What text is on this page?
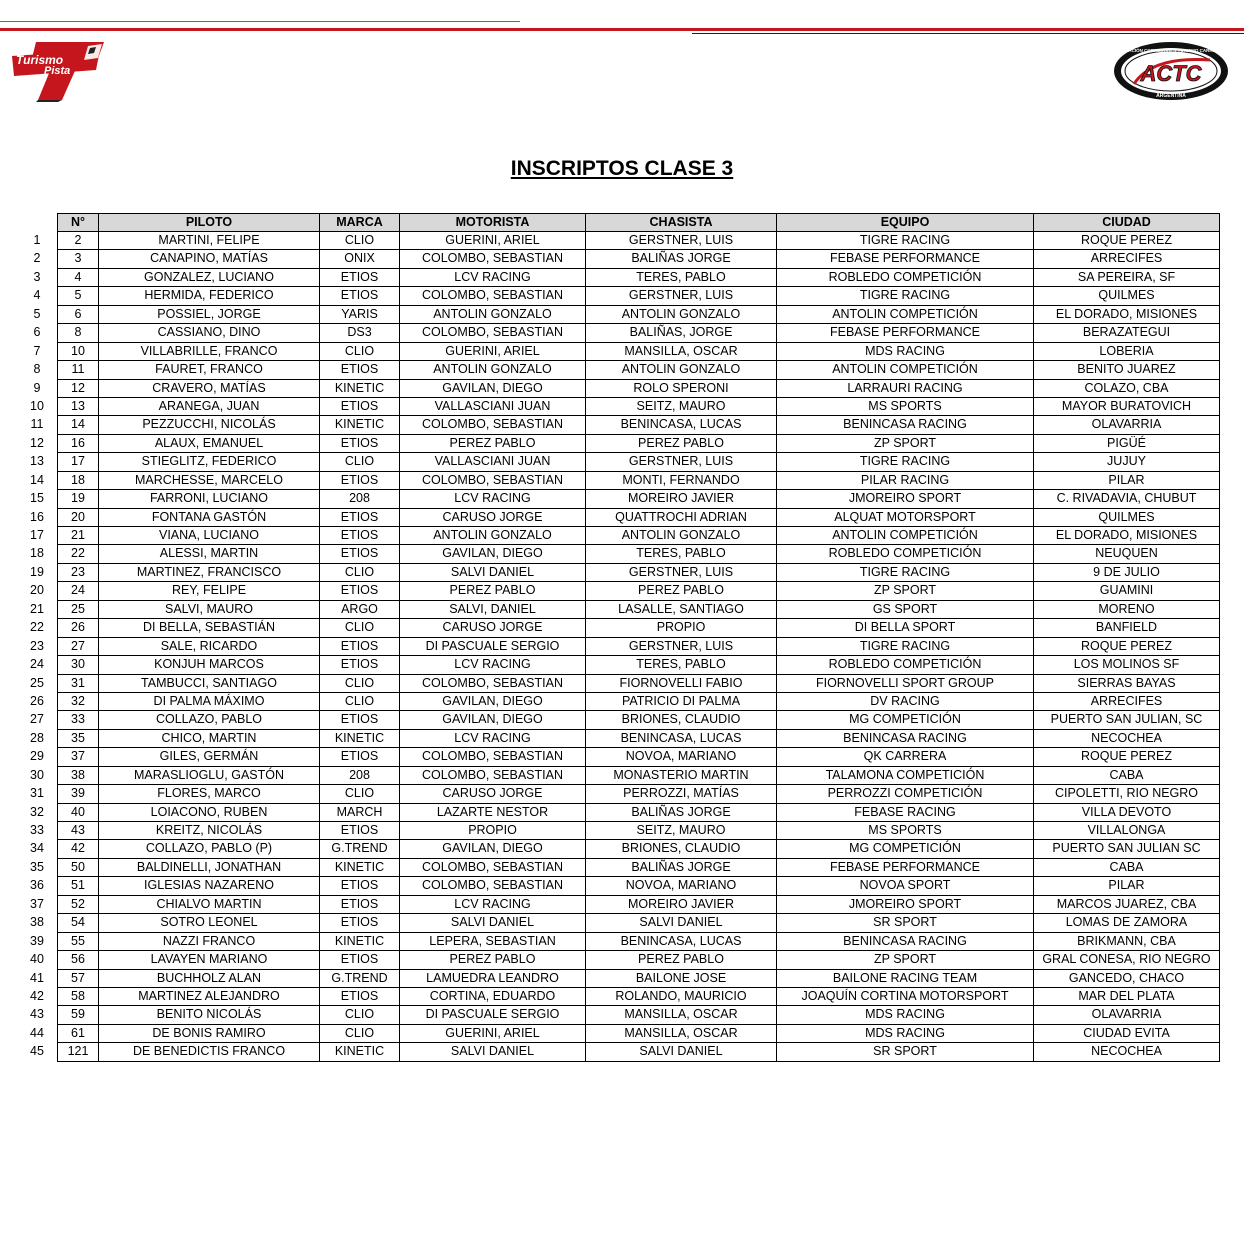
Turismo
Pista
ASOCIACIÓN CORREDORES TURISMO CARRETERA
ACTC
ARGENTINA
INSCRIPTOS CLASE 3
1
2
3
4
5
6
7
8
9
10
11
12
13
14
15
16
17
18
19
20
21
22
23
24
25
26
27
28
29
30
31
32
33
34
35
36
37
38
39
40
41
42
43
44
45
N°	PILOTO	MARCA	MOTORISTA	CHASISTA	EQUIPO	CIUDAD
2	MARTINI, FELIPE	CLIO	GUERINI, ARIEL	GERSTNER, LUIS	TIGRE RACING	ROQUE PEREZ
3	CANAPINO, MATÍAS	ONIX	COLOMBO, SEBASTIAN	BALIÑAS JORGE	FEBASE PERFORMANCE	ARRECIFES
4	GONZALEZ, LUCIANO	ETIOS	LCV RACING	TERES, PABLO	ROBLEDO COMPETICIÓN	SA PEREIRA, SF
5	HERMIDA, FEDERICO	ETIOS	COLOMBO, SEBASTIAN	GERSTNER, LUIS	TIGRE RACING	QUILMES
6	POSSIEL, JORGE	YARIS	ANTOLIN GONZALO	ANTOLIN GONZALO	ANTOLIN COMPETICIÓN	EL DORADO, MISIONES
8	CASSIANO, DINO	DS3	COLOMBO, SEBASTIAN	BALIÑAS, JORGE	FEBASE PERFORMANCE	BERAZATEGUI
10	VILLABRILLE, FRANCO	CLIO	GUERINI, ARIEL	MANSILLA, OSCAR	MDS RACING	LOBERIA
11	FAURET, FRANCO	ETIOS	ANTOLIN GONZALO	ANTOLIN GONZALO	ANTOLIN COMPETICIÓN	BENITO JUAREZ
12	CRAVERO, MATÍAS	KINETIC	GAVILAN, DIEGO	ROLO SPERONI	LARRAURI RACING	COLAZO, CBA
13	ARANEGA, JUAN	ETIOS	VALLASCIANI JUAN	SEITZ, MAURO	MS SPORTS	MAYOR BURATOVICH
14	PEZZUCCHI, NICOLÁS	KINETIC	COLOMBO, SEBASTIAN	BENINCASA, LUCAS	BENINCASA RACING	OLAVARRIA
16	ALAUX, EMANUEL	ETIOS	PEREZ PABLO	PEREZ PABLO	ZP SPORT	PIGÜÉ
17	STIEGLITZ, FEDERICO	CLIO	VALLASCIANI JUAN	GERSTNER, LUIS	TIGRE RACING	JUJUY
18	MARCHESSE, MARCELO	ETIOS	COLOMBO, SEBASTIAN	MONTI, FERNANDO	PILAR RACING	PILAR
19	FARRONI, LUCIANO	208	LCV RACING	MOREIRO JAVIER	JMOREIRO SPORT	C. RIVADAVIA, CHUBUT
20	FONTANA GASTÓN	ETIOS	CARUSO JORGE	QUATTROCHI ADRIAN	ALQUAT MOTORSPORT	QUILMES
21	VIANA, LUCIANO	ETIOS	ANTOLIN GONZALO	ANTOLIN GONZALO	ANTOLIN COMPETICIÓN	EL DORADO, MISIONES
22	ALESSI, MARTIN	ETIOS	GAVILAN, DIEGO	TERES, PABLO	ROBLEDO COMPETICIÓN	NEUQUEN
23	MARTINEZ, FRANCISCO	CLIO	SALVI DANIEL	GERSTNER, LUIS	TIGRE RACING	9 DE JULIO
24	REY, FELIPE	ETIOS	PEREZ PABLO	PEREZ PABLO	ZP SPORT	GUAMINI
25	SALVI, MAURO	ARGO	SALVI, DANIEL	LASALLE, SANTIAGO	GS SPORT	MORENO
26	DI BELLA, SEBASTIÁN	CLIO	CARUSO JORGE	PROPIO	DI BELLA SPORT	BANFIELD
27	SALE, RICARDO	ETIOS	DI PASCUALE SERGIO	GERSTNER, LUIS	TIGRE RACING	ROQUE PEREZ
30	KONJUH MARCOS	ETIOS	LCV RACING	TERES, PABLO	ROBLEDO COMPETICIÓN	LOS MOLINOS SF
31	TAMBUCCI, SANTIAGO	CLIO	COLOMBO, SEBASTIAN	FIORNOVELLI FABIO	FIORNOVELLI SPORT GROUP	SIERRAS BAYAS
32	DI PALMA MÁXIMO	CLIO	GAVILAN, DIEGO	PATRICIO DI PALMA	DV RACING	ARRECIFES
33	COLLAZO, PABLO	ETIOS	GAVILAN, DIEGO	BRIONES, CLAUDIO	MG COMPETICIÓN	PUERTO SAN JULIAN, SC
35	CHICO, MARTIN	KINETIC	LCV RACING	BENINCASA, LUCAS	BENINCASA RACING	NECOCHEA
37	GILES, GERMÁN	ETIOS	COLOMBO, SEBASTIAN	NOVOA, MARIANO	QK CARRERA	ROQUE PEREZ
38	MARASLIOGLU, GASTÓN	208	COLOMBO, SEBASTIAN	MONASTERIO MARTIN	TALAMONA COMPETICIÓN	CABA
39	FLORES, MARCO	CLIO	CARUSO JORGE	PERROZZI, MATÍAS	PERROZZI COMPETICIÓN	CIPOLETTI, RIO NEGRO
40	LOIACONO, RUBEN	MARCH	LAZARTE NESTOR	BALIÑAS JORGE	FEBASE RACING	VILLA DEVOTO
43	KREITZ, NICOLÁS	ETIOS	PROPIO	SEITZ, MAURO	MS SPORTS	VILLALONGA
42	COLLAZO, PABLO (P)	G.TREND	GAVILAN, DIEGO	BRIONES, CLAUDIO	MG COMPETICIÓN	PUERTO SAN JULIAN SC
50	BALDINELLI, JONATHAN	KINETIC	COLOMBO, SEBASTIAN	BALIÑAS JORGE	FEBASE PERFORMANCE	CABA
51	IGLESIAS NAZARENO	ETIOS	COLOMBO, SEBASTIAN	NOVOA, MARIANO	NOVOA SPORT	PILAR
52	CHIALVO MARTIN	ETIOS	LCV RACING	MOREIRO JAVIER	JMOREIRO SPORT	MARCOS JUAREZ, CBA
54	SOTRO LEONEL	ETIOS	SALVI DANIEL	SALVI DANIEL	SR SPORT	LOMAS DE ZAMORA
55	NAZZI FRANCO	KINETIC	LEPERA, SEBASTIAN	BENINCASA, LUCAS	BENINCASA RACING	BRIKMANN, CBA
56	LAVAYEN MARIANO	ETIOS	PEREZ PABLO	PEREZ PABLO	ZP SPORT	GRAL CONESA, RIO NEGRO
57	BUCHHOLZ ALAN	G.TREND	LAMUEDRA LEANDRO	BAILONE JOSE	BAILONE RACING TEAM	GANCEDO, CHACO
58	MARTINEZ ALEJANDRO	ETIOS	CORTINA, EDUARDO	ROLANDO, MAURICIO	JOAQUÍN CORTINA MOTORSPORT	MAR DEL PLATA
59	BENITO NICOLÁS	CLIO	DI PASCUALE SERGIO	MANSILLA, OSCAR	MDS RACING	OLAVARRIA
61	DE BONIS RAMIRO	CLIO	GUERINI, ARIEL	MANSILLA, OSCAR	MDS RACING	CIUDAD EVITA
121	DE BENEDICTIS FRANCO	KINETIC	SALVI DANIEL	SALVI DANIEL	SR SPORT	NECOCHEA
